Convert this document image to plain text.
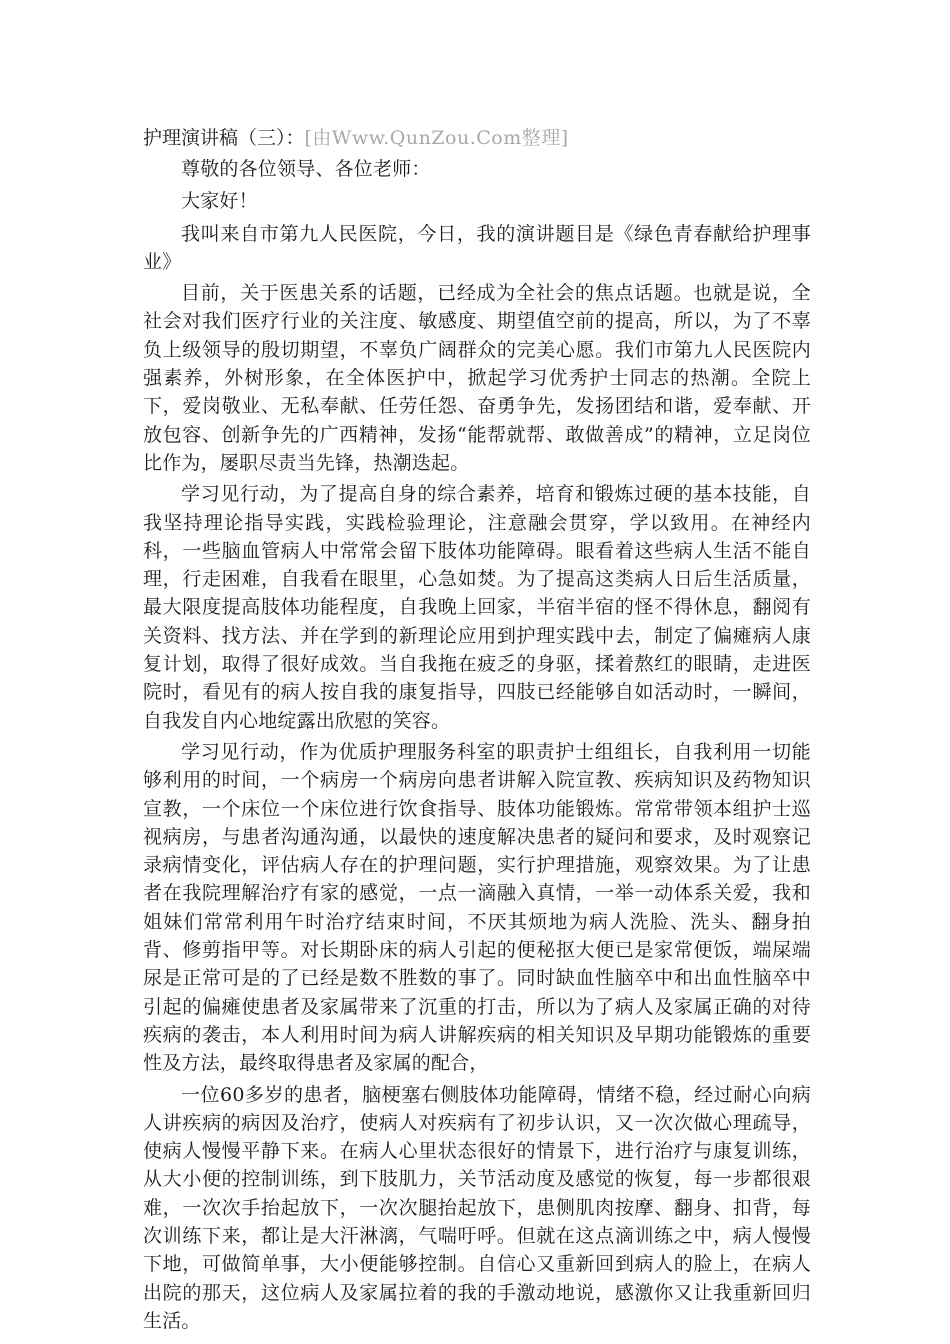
护理演讲稿（三）：[由Www.QunZou.Com整理]

尊敬的各位领导、各位老师：

大家好！

我叫来自市第九人民医院，今日，我的演讲题目是《绿色青春献给护理事业》

目前，关于医患关系的话题，已经成为全社会的焦点话题。也就是说，全社会对我们医疗行业的关注度、敏感度、期望值空前的提高，所以，为了不辜负上级领导的殷切期望，不辜负广阔群众的完美心愿。我们市第九人民医院内强素养，外树形象，在全体医护中，掀起学习优秀护士同志的热潮。全院上下，爱岗敬业、无私奉献、任劳任怨、奋勇争先，发扬团结和谐，爱奉献、开放包容、创新争先的广西精神，发扬“能帮就帮、敢做善成”的精神，立足岗位比作为，屡职尽责当先锋，热潮迭起。

学习见行动，为了提高自身的综合素养，培育和锻炼过硬的基本技能，自我坚持理论指导实践，实践检验理论，注意融会贯穿，学以致用。在神经内科，一些脑血管病人中常常会留下肢体功能障碍。眼看着这些病人生活不能自理，行走困难，自我看在眼里，心急如焚。为了提高这类病人日后生活质量，最大限度提高肢体功能程度，自我晚上回家，半宿半宿的怪不得休息，翻阅有关资料、找方法、并在学到的新理论应用到护理实践中去，制定了偏瘫病人康复计划，取得了很好成效。当自我拖在疲乏的身驱，揉着熬红的眼睛，走进医院时，看见有的病人按自我的康复指导，四肢已经能够自如活动时，一瞬间，自我发自内心地绽露出欣慰的笑容。

学习见行动，作为优质护理服务科室的职责护士组组长，自我利用一切能够利用的时间，一个病房一个病房向患者讲解入院宣教、疾病知识及药物知识宣教，一个床位一个床位进行饮食指导、肢体功能锻炼。常常带领本组护士巡视病房，与患者沟通沟通，以最快的速度解决患者的疑问和要求，及时观察记录病情变化，评估病人存在的护理问题，实行护理措施，观察效果。为了让患者在我院理解治疗有家的感觉，一点一滴融入真情，一举一动体系关爱，我和姐妹们常常利用午时治疗结束时间，不厌其烦地为病人洗脸、洗头、翻身拍背、修剪指甲等。对长期卧床的病人引起的便秘抠大便已是家常便饭，端屎端尿是正常可是的了已经是数不胜数的事了。同时缺血性脑卒中和出血性脑卒中引起的偏瘫使患者及家属带来了沉重的打击，所以为了病人及家属正确的对待疾病的袭击，本人利用时间为病人讲解疾病的相关知识及早期功能锻炼的重要性及方法，最终取得患者及家属的配合，

一位60多岁的患者，脑梗塞右侧肢体功能障碍，情绪不稳，经过耐心向病人讲疾病的病因及治疗，使病人对疾病有了初步认识，又一次次做心理疏导，使病人慢慢平静下来。在病人心里状态很好的情景下，进行治疗与康复训练，从大小便的控制训练，到下肢肌力，关节活动度及感觉的恢复，每一步都很艰难，一次次手抬起放下，一次次腿抬起放下，患侧肌肉按摩、翻身、扣背，每次训练下来，都让是大汗淋漓，气喘吁呼。但就在这点滴训练之中，病人慢慢下地，可做简单事，大小便能够控制。自信心又重新回到病人的脸上，在病人出院的那天，这位病人及家属拉着的我的手激动地说，感激你又让我重新回归生活。
